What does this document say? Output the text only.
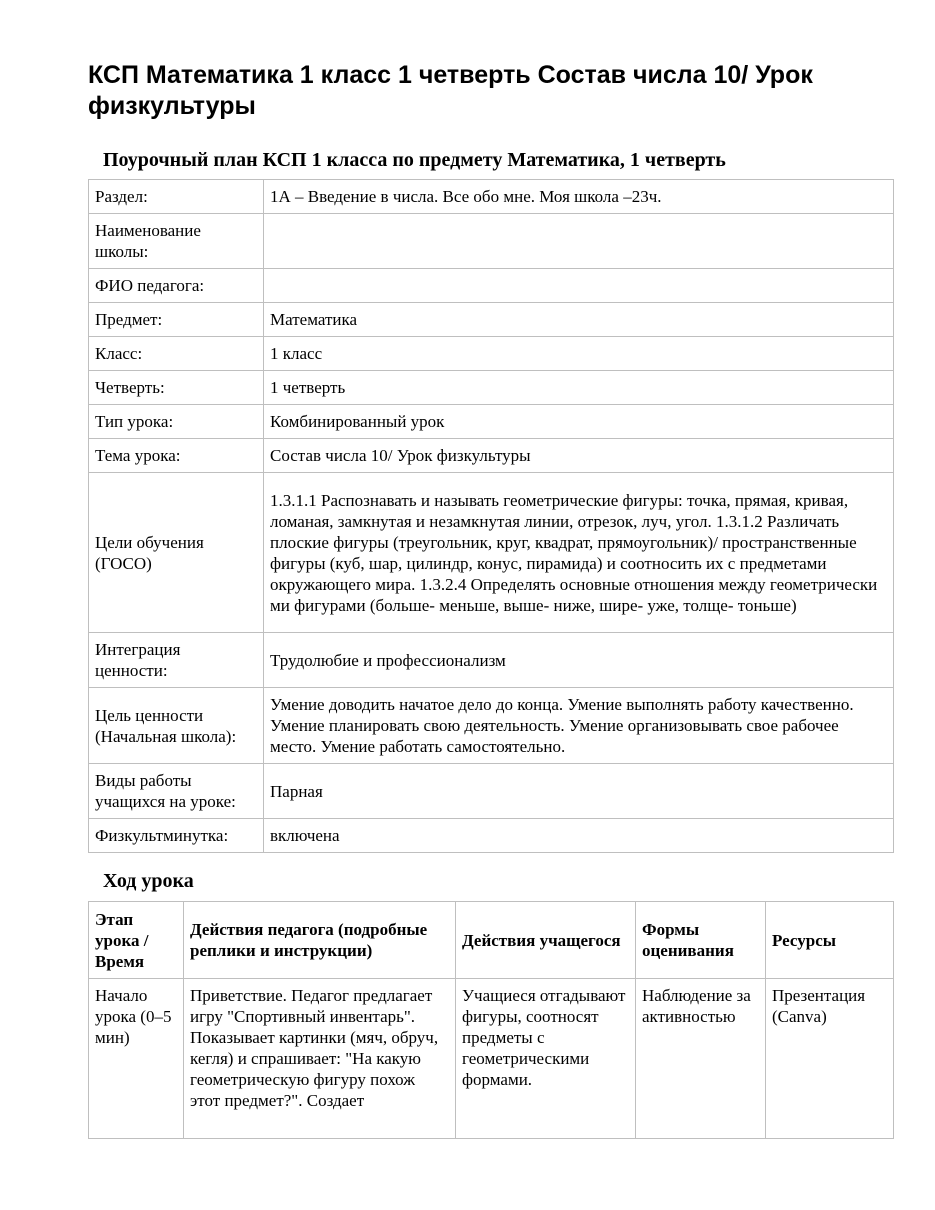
КСП Математика 1 класс 1 четверть Состав числа 10/ Урок физкультуры
Поурочный план КСП 1 класса по предмету Математика, 1 четверть
Раздел:	1А – Введение в числа. Все обо мне. Моя школа –23ч.
Наименование школы:	
ФИО педагога:	
Предмет:	Математика
Класс:	1 класс
Четверть:	1 четверть
Тип урока:	Комбинированный урок
Тема урока:	Состав числа 10/ Урок физкультуры
Цели обучения (ГОСО)	1.3.1.1 Распознавать и называть геометрические фигуры: точка, прямая, кривая, ломаная, замкнутая и незамкнутая линии, отрезок, луч, угол. 1.3.1.2 Различать плоские фигуры (треугольник, круг, квадрат, прямоугольник)/ пространственные фигуры (куб, шар, цилиндр, конус, пирамида) и соотносить их с предметами окружающего мира. 1.3.2.4 Определять основные отношения между геометрически ми фигурами (больше- меньше, выше- ниже, шире- уже, толще- тоньше)
Интеграция ценности:	Трудолюбие и профессионализм
Цель ценности (Начальная школа):	Умение доводить начатое дело до конца. Умение выполнять работу качественно. Умение планировать свою деятельность. Умение организовывать свое рабочее место. Умение работать самостоятельно.
Виды работы учащихся на уроке:	Парная
Физкультминутка:	включена
Ход урока
Этап урока / Время	Действия педагога (подробные реплики и инструкции)	Действия учащегося	Формы оценивания	Ресурсы
Начало урока (0–5 мин)	Приветствие. Педагог предлагает игру "Спортивный инвентарь". Показывает картинки (мяч, обруч, кегля) и спрашивает: "На какую геометрическую фигуру похож этот предмет?". Создает	Учащиеся отгадывают фигуры, соотносят предметы с геометрическими формами.	Наблюдение за активностью	Презентация (Canva)
